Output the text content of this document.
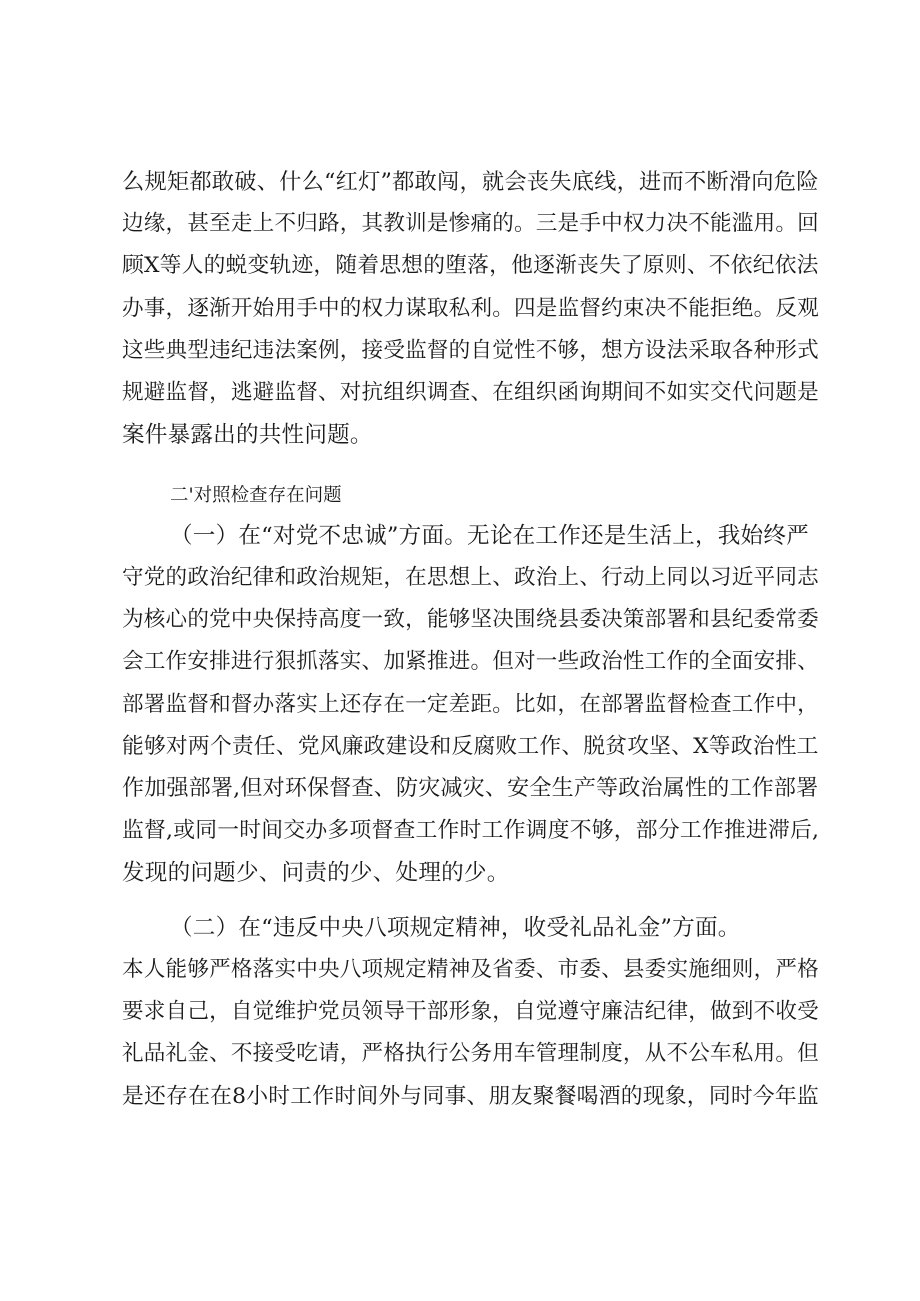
么规矩都敢破、什么“红灯”都敢闯，就会丧失底线，进而不断滑向危险
边缘，甚至走上不归路，其教训是惨痛的。三是手中权力决不能滥用。回
顾X等人的蜕变轨迹，随着思想的堕落，他逐渐丧失了原则、不依纪依法
办事，逐渐开始用手中的权力谋取私利。四是监督约束决不能拒绝。反观
这些典型违纪违法案例，接受监督的自觉性不够，想方设法采取各种形式
规避监督，逃避监督、对抗组织调查、在组织函询期间不如实交代问题是
案件暴露出的共性问题。
二'对照检查存在问题
（一）在“对党不忠诚”方面。无论在工作还是生活上，我始终严
守党的政治纪律和政治规矩，在思想上、政治上、行动上同以习近平同志
为核心的党中央保持高度一致，能够坚决围绕县委决策部署和县纪委常委
会工作安排进行狠抓落实、加紧推进。但对一些政治性工作的全面安排、
部署监督和督办落实上还存在一定差距。比如，在部署监督检查工作中，
能够对两个责任、党风廉政建设和反腐败工作、脱贫攻坚、X等政治性工
作加强部署,但对环保督查、防灾减灾、安全生产等政治属性的工作部署
监督,或同一时间交办多项督查工作时工作调度不够，部分工作推进滞后,
发现的问题少、问责的少、处理的少。
（二）在“违反中央八项规定精神，收受礼品礼金”方面。
本人能够严格落实中央八项规定精神及省委、市委、县委实施细则，严格
要求自己，自觉维护党员领导干部形象，自觉遵守廉洁纪律，做到不收受
礼品礼金、不接受吃请，严格执行公务用车管理制度，从不公车私用。但
是还存在在8小时工作时间外与同事、朋友聚餐喝酒的现象，同时今年监
